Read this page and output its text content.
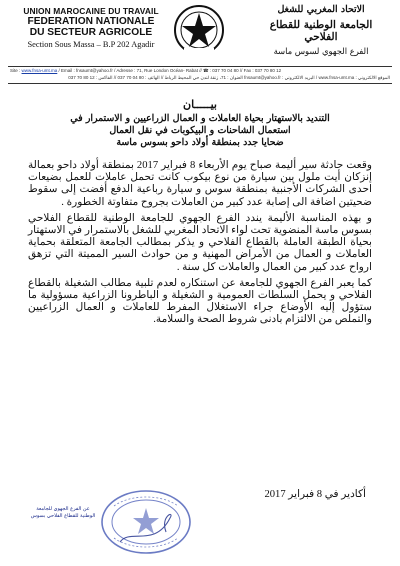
UNION MAROCAINE DU TRAVAIL
FEDERATION NATIONALE
DU SECTEUR AGRICOLE
Section Sous Massa – B.P 202 Agadir
الاتحاد المغربي للشغل
الجامعة الوطنية للقطاع الفلاحي
الفرع الجهوي لسوس ماسة
Site : www.fnsa-umt.ma / Email : fnsaumt@yahoo.fr / Adresse : 71, Rue London Océan- Rabat // ☎ : 037 70 04 80 // Fax : 037 70 80 12
الموقع الالكتروني : www.fnsa-umt.ma / البريد الالكتروني : fnsaumt@yahoo.fr العنوان : 71، زنقة لندن حي المحيط الرباط // الهاتف : 80 04 70 037 // الفاكس : 12 80 70 037
بيـــــان
التنديد بالاستهتار بحياة العاملات و العمال الزراعيين و الاستمرار في
استعمال الشاحنات و البيكوبات في نقل العمال
ضحايا جدد بمنطقة أولاد داحو بسوس ماسة

وقعت حادثة سير أليمة صباح يوم الأربعاء 8 فبراير 2017 بمنطقة أولاد داحو بعمالة إنزكان أيت ملول بين سيارة من نوع بيكوب كانت تحمل عاملات للعمل بضيعات احدى الشركات الأجنبية بمنطقة سوس و سيارة رباعية الدفع أفضت إلى سقوط ضحيتين اضافة الى إصابة عدد كبير من العاملات بجروح متفاوتة الخطورة .

و بهذه المناسبة الأليمة يندد الفرع الجهوي للجامعة الوطنية للقطاع الفلاحي بسوس ماسة المنضوية تحت لواء الاتحاد المغربي للشغل بالاستمرار في الاستهتار بحياة الطبقة العاملة بالقطاع الفلاحي و يذكر بمطالب الجامعة المتعلقة بحماية العاملات و العمال من الأمراض المهنية و من حوادث السير المميتة التي تزهق ارواح عدد كبير من العمال والعاملات كل سنة .

كما يعبر الفرع الجهوي للجامعة عن استنكاره لعدم تلبية مطالب الشغيلة بالقطاع الفلاحي و يحمل السلطات العمومية و الشغيلة و الباطرونا الزراعية مسؤولية ما ستؤول إليه الأوضاع جراء الاستغلال المفرط للعاملات و العمال الزراعيين والتملص من الالتزام بادنى شروط الصحة والسلامة.

أكادير في 8 فبراير 2017
عن الفرع الجهوي للجامعة
الوطنية للقطاع الفلاحي بسوس
